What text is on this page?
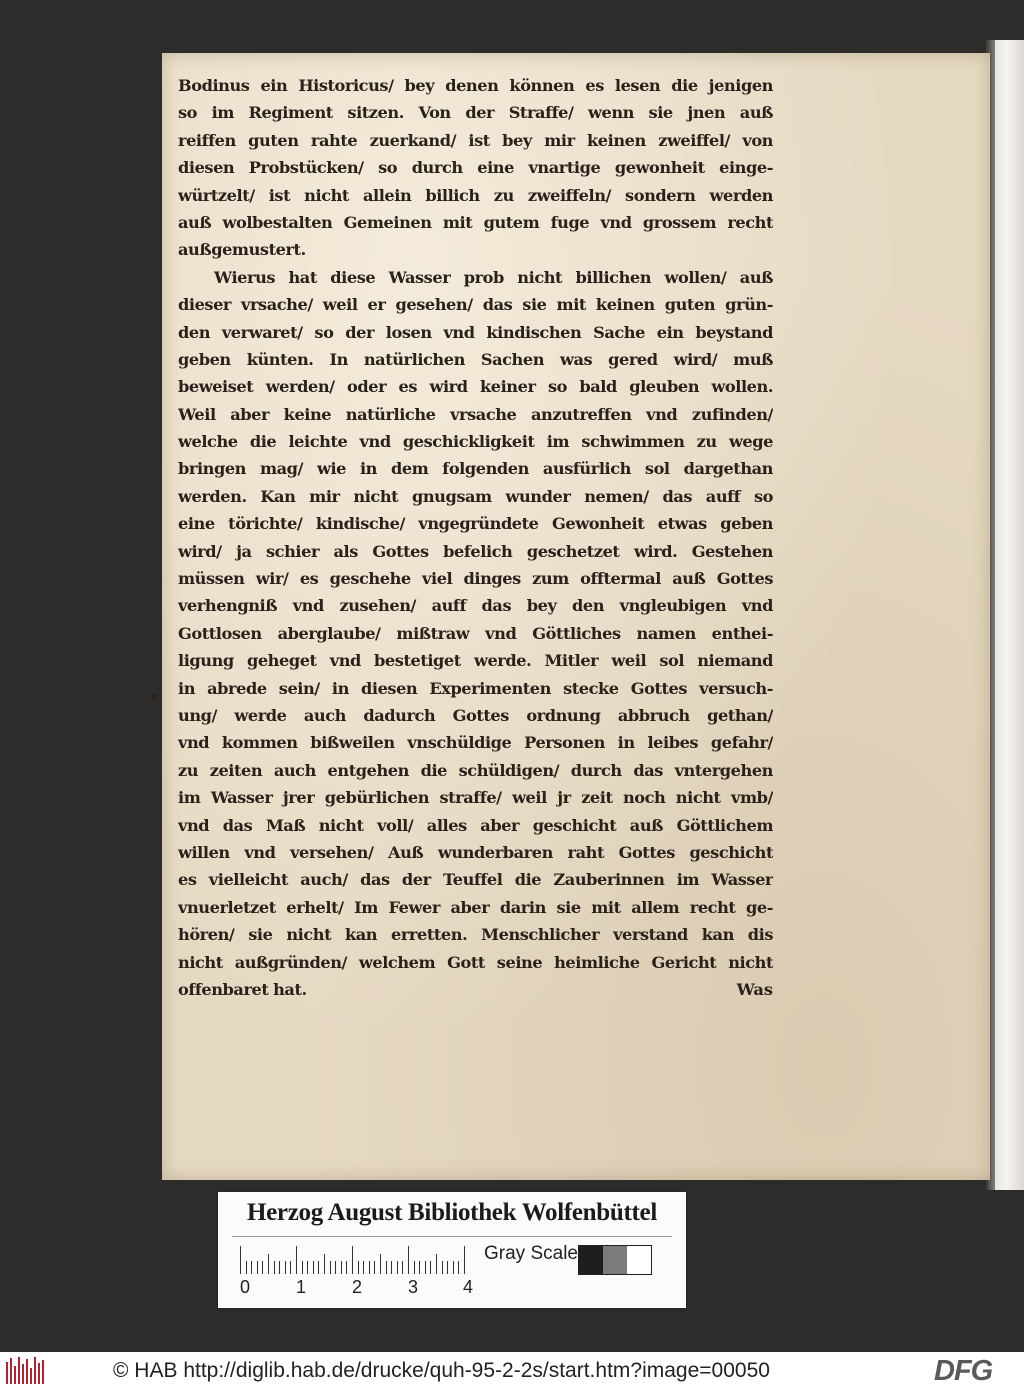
Bodinus ein Historicus/ bey denen können es lesen die jenigen
so im Regiment sitzen. Von der Straffe/ wenn sie jnen auß
reiffen guten rahte zuerkand/ ist bey mir keinen zweiffel/ von
diesen Probstücken/ so durch eine vnartige gewonheit einge-
würtzelt/ ist nicht allein billich zu zweiffeln/ sondern werden
auß wolbestalten Gemeinen mit gutem fuge vnd grossem recht
außgemustert.
Wierus hat diese Wasser prob nicht billichen wollen/ auß
dieser vrsache/ weil er gesehen/ das sie mit keinen guten grün-
den verwaret/ so der losen vnd kindischen Sache ein beystand
geben künten. In natürlichen Sachen was gered wird/ muß
beweiset werden/ oder es wird keiner so bald gleuben wollen.
Weil aber keine natürliche vrsache anzutreffen vnd zufinden/
welche die leichte vnd geschickligkeit im schwimmen zu wege
bringen mag/ wie in dem folgenden ausfürlich sol dargethan
werden. Kan mir nicht gnugsam wunder nemen/ das auff so
eine törichte/ kindische/ vngegründete Gewonheit etwas geben
wird/ ja schier als Gottes befelich geschetzet wird. Gestehen
müssen wir/ es geschehe viel dinges zum offtermal auß Gottes
verhengniß vnd zusehen/ auff das bey den vngleubigen vnd
Gottlosen aberglaube/ mißtraw vnd Göttliches namen enthei-
ligung geheget vnd bestetiget werde. Mitler weil sol niemand
in abrede sein/ in diesen Experimenten stecke Gottes versuch-
ung/ werde auch dadurch Gottes ordnung abbruch gethan/
vnd kommen bißweilen vnschüldige Personen in leibes gefahr/
zu zeiten auch entgehen die schüldigen/ durch das vntergehen
im Wasser jrer gebürlichen straffe/ weil jr zeit noch nicht vmb/
vnd das Maß nicht voll/ alles aber geschicht auß Göttlichem
willen vnd versehen/ Auß wunderbaren raht Gottes geschicht
es vielleicht auch/ das der Teuffel die Zauberinnen im Wasser
vnuerletzet erhelt/ Im Fewer aber darin sie mit allem recht ge-
hören/ sie nicht kan erretten. Menschlicher verstand kan dis
nicht außgründen/ welchem Gott seine heimliche Gericht nicht
offenbaret hat.	Was
Herzog August Bibliothek Wolfenbüttel
0	1	2	3 4
Gray Scale
© HAB http://diglib.hab.de/drucke/quh-95-2-2s/start.htm?image=00050	DFG
